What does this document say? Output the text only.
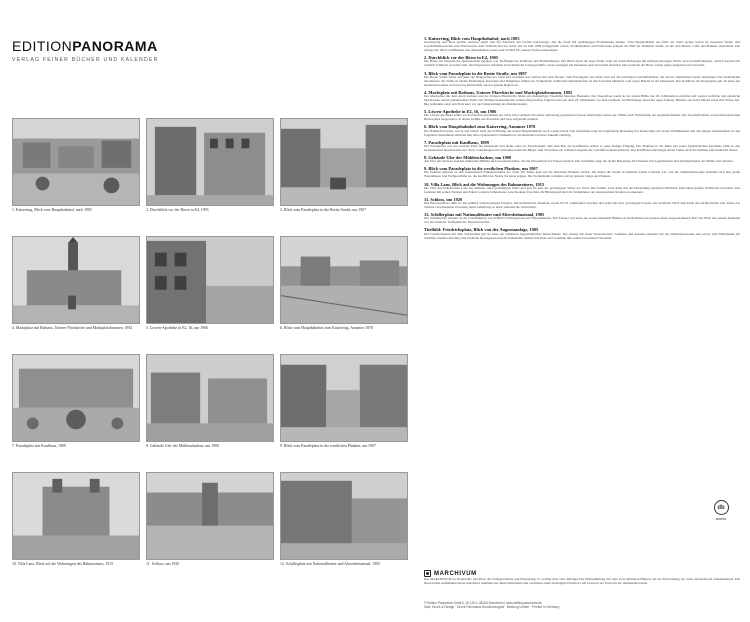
EDITIONPANORAMA
VERLAG FEINER BÜCHER UND KALENDER
1. Kaiserring, Blick vom Hauptbahnhof, nach 1905	2. Durchblick vor der Börse in E4, 1905	3. Blick vom Paradeplatz in die Breite Straße, um 1907
4. Marktplatz mit Rathaus, Unterer Pfarrkirche und Marktplatzbrunnen, 1892	5. Lowen-Apotheke in E2, 16, um 1906	6. Blick vom Hauptbahnhof zum Kaiserring, Ansamer 1878
7. Paradeplatz mit Kaufhaus, 1899	8. Gebäude Ufer der Mühlenchadens, um 1900	9. Blick vom Paradeplatz in die westlichen Planken, um 1907
10. Villa Lanz, Blick auf die Wohnungen des Bahnareiners, 1915	11. Schloss, um 1920	12. Schillerplatz mit Nationaltheater und Altersheimatsaal, 1905
1. Kaiserring, Blick vom Hauptbahnhof, nach 1905
Gleichzeitig und ihres großen Ausbaus ergab sich der Eindruck des breiten Kaiserrings, den die Stadt mit großzügigen Prachtbauten säumte. Vom Hauptbahnhof aus führt die breite Achse vorbei an eleganten Wohn- und Geschäftshäusern hin zum Wasserturm, dem Wahrzeichen der Stadt, das im Jahr 1889 fertiggestellt wurde. Straßenbahnen und Fuhrwerke prägten das Bild der lebhaften Straße, an der sich Hotels, Cafés und Banken ansiedelten. Die Anlage mit ihren Grünflächen und Alleebäumen wurde zum Vorbild für weitere Stadterweiterungen.
2. Durchblick vor der Börse in E4, 1905
Die Börse, im Zentrum der Quadratestadt gelegen, war Treffpunkt der Kaufleute und Handelshäuser. Der Blick durch die enge Straße zeigt die dichte Bebauung mit mehrgeschossigen Wohn- und Geschäftshäusern, deren Fassaden mit reichem Schmuck versehen sind. Im Erdgeschoss befanden sich zahlreiche Ladengeschäfte, deren Auslagen die Passanten zum Verweilen einluden. Das Gebäude der Börse wurde später umgebaut und erweitert.
3. Blick vom Paradeplatz in die Breite Straße, um 1907
Die Breite Straße bildet seit jeher die Hauptachse der Stadt und verbindet das Schloss mit dem Neckar. Vom Paradeplatz aus blickt man auf die prächtigen Geschäftshäuser, die um die Jahrhundertwende entstanden. Die Straßenbahn durchquerte die Straße in beiden Richtungen, Kutschen und Fußgänger füllten das Straßenbild. Zahlreiche Reklametafeln an den Fassaden kündeten vom regen Handel in der Innenstadt. Das Kaufhaus am Paradeplatz galt als eines der modernsten seiner Zeit und zog Kundschaft aus der ganzen Region an.
4. Marktplatz mit Rathaus, Unterer Pfarrkirche und Marktplatzbrunnen, 1892
Der Marktplatz mit dem Alten Rathaus und der Unteren Pfarrkirche bildet ein einzigartiges Ensemble barocker Baukunst. Der Doppelbau wurde in der ersten Hälfte des 18. Jahrhunderts errichtet und vereint weltliche und geistliche Macht unter einem gemeinsamen Turm. Der Marktplatzbrunnen mit seinen allegorischen Figuren steht seit dem 18. Jahrhundert vor dem Gebäude. An Markttagen herrschte reges Treiben, Händler aus dem Umland boten ihre Waren feil. Die Aufnahme zeigt den Platz kurz vor der Umgestaltung der Randbebauung.
5. Löwen-Apotheke in E2, 16, um 1906
Die Löwen-Apotheke zählte zu den ältesten Apotheken der Stadt. Das Gebäude mit seiner aufwendig gestalteten Fassade beherbergte neben der Offizin auch Wohnräume der Apothekerfamilie. Die Geschäftsräume waren mit kunstvollen Holzregalen ausgestattet, in denen Gefäße aus Porzellan und Glas aufgereiht standen.
6. Blick vom Hauptbahnhof zum Kaiserring, Ansamer 1878
Der Bahnhofsvorplatz war in den Jahren nach der Eröffnung des neuen Hauptbahnhofs noch wenig bebaut. Die Aufnahme zeigt die beginnende Bebauung des Kaiserrings mit ersten Wohnhäusern und den jungen Alleebäumen. In den folgenden Jahrzehnten entstand hier eine repräsentative Straßenfront, die Reisende bei ihrer Ankunft empfing.
7. Paradeplatz mit Kaufhaus, 1899
Der Paradeplatz war der zentrale Platz der Innenstadt und diente einst als Exerzierplatz. Mit dem Bau des Kaufhauses erhielt er seine heutige Prägung. Der Brunnen in der Mitte mit seiner figurenreichen Pyramide zählt zu den bedeutendsten Kunstwerken der Stadt. Grünanlagen und Sitzbänke luden die Bürger zum Verweilen ein, während ringsum der Geschäftsverkehr pulsierte. Das Kaufhaus beherbergte neben Läden auch das Rathaus und städtische Ämter.
8. Gebäude Ufer der Mühlenchadens, um 1900
Am Ufer des Neckars standen zahlreiche Mühlen und Gewerbebetriebe, die die Wasserkraft des Flusses nutzten. Die Aufnahme zeigt die dichte Bebauung am Flussufer mit Lagerhäusern und Wohngebäuden der Müller und Arbeiter.
9. Blick vom Paradeplatz in die westlichen Planken, um 1907
Die Planken gehören zu den bekanntesten Einkaufsstraßen der Stadt. Ihr Name geht auf die hölzernen Planken zurück, mit denen die Straße in früheren Zeiten befestigt war. Um die Jahrhundertwende siedelten sich hier große Warenhäuser und Fachgeschäfte an, die das Bild der Straße bis heute prägen. Die Straßenbahn verkehrte auf der ganzen Länge der Planken.
10. Villa Lanz, Blick auf die Wohnungen des Bahnareiners, 1915
Die Villa des Industriellen Lanz lag inmitten eines großzügigen Parks und galt als eine der prächtigsten Villen der Stadt. Die Familie Lanz hatte mit der Herstellung landwirtschaftlicher Maschinen großen Wohlstand erworben. Das Gebäude mit seinen Türmen und Erkern vereinte Stilelemente verschiedener Epochen. Im Hintergrund sind die Wohnhäuser der angrenzenden Straßen zu erkennen.
11. Schloss, um 1920
Das Barockschloss zählt zu den größten Schlossanlagen Europas. Die kurfürstliche Residenz wurde im 18. Jahrhundert errichtet und prägt mit ihrer gewaltigen Fassade das Stadtbild. Nach dem Ende der kurfürstlichen Zeit diente das Schloss verschiedenen Zwecken, heute beherbergt es unter anderem die Universität.
12. Schillerplatz mit Nationaltheater und Altersheimatsaal, 1905
Der Schillerplatz erinnert an die Uraufführung von Schillers Erstlingswerk am Nationaltheater. Das Theater war eines der ersten stehenden Bühnen in Deutschland und genoss einen ausgezeichneten Ruf. Der Platz mit seinem Denkmal war ein beliebter Treffpunkt der Theaterbesucher.
Titelbild: Friedrichsplatz, Blick von der Augustaanlage, 1905
Der Friedrichsplatz mit dem Wasserturm gilt als einer der schönsten Jugendstilplätze Deutschlands. Die Anlage mit ihren Wasserbecken, Fontänen und Arkaden entstand um die Jahrhundertwende und wurde zum Mittelpunkt der östlichen Stadterweiterung. Die Festhalle Rosengarten und die Kunsthalle rahmen den Platz und verleihen ihm seinen besonderen Charakter.
db
archiv
MARCHIVUM
Das MARCHIVUM ist Stadtarchiv und Haus der Stadtgeschichte und Erinnerung. Es verfügt über eine umfangreiche Bildsammlung mit rund zwei Millionen Bildern, die die Entwicklung der Stadt eindrucksvoll dokumentieren. Die historischen Aufnahmen dieses Kalenders stammen aus diesen Beständen und vermitteln einen lebendigen Eindruck vom Leben in der Stadt um die Jahrhundertwende.
© Edition Panorama GmbH | 18 | 25-1-48163 Mannheim | www.editionpanorama.de
Satz, Druck & Design · Druck Panorama Druckerzeugnis · Bindung Leimer · Printed in Germany
